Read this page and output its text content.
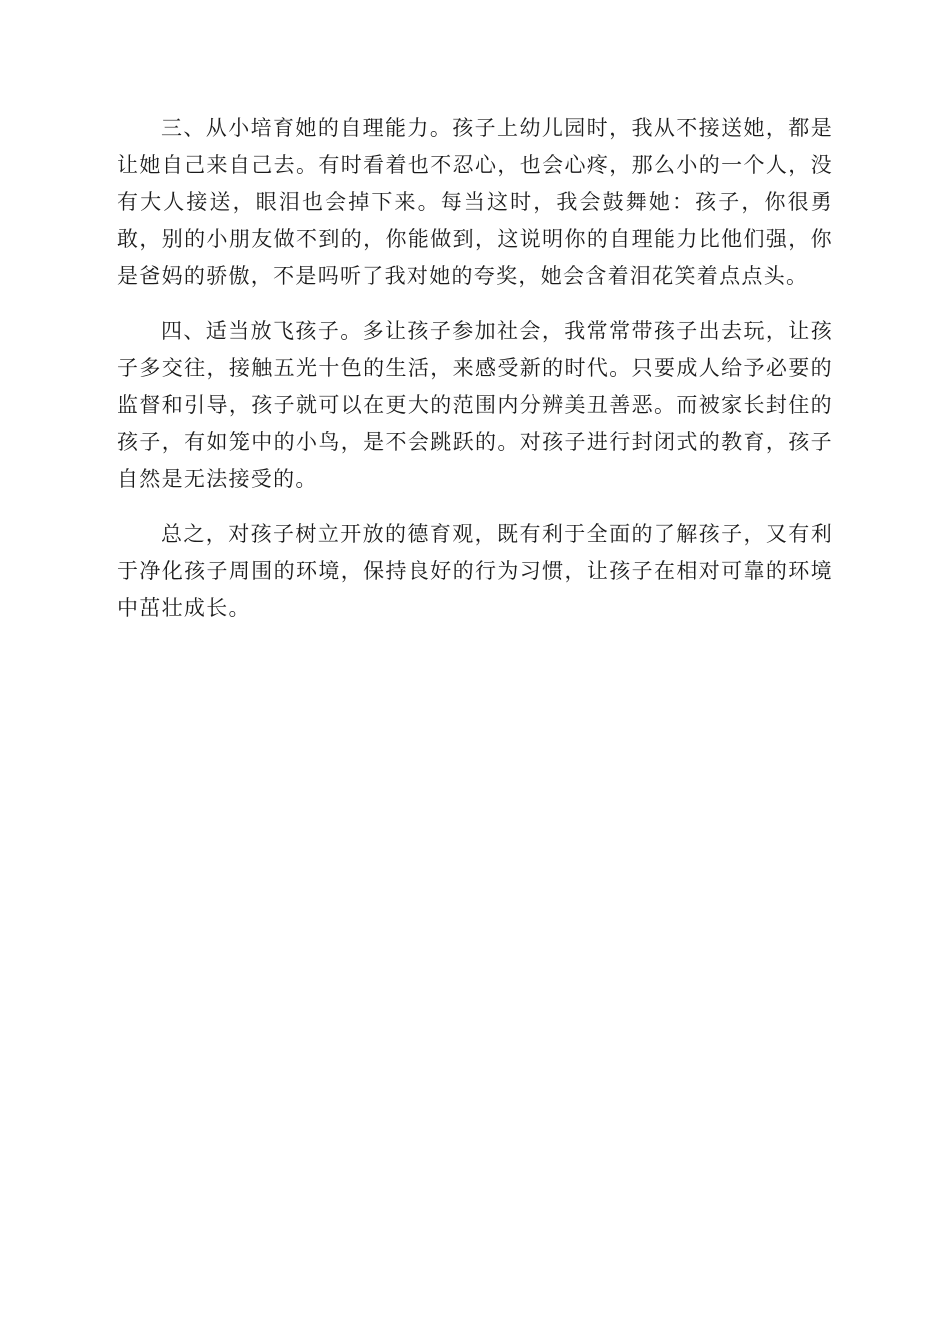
三、从小培育她的自理能力。孩子上幼儿园时，我从不接送她，都是让她自己来自己去。有时看着也不忍心，也会心疼，那么小的一个人，没有大人接送，眼泪也会掉下来。每当这时，我会鼓舞她：孩子，你很勇敢，别的小朋友做不到的，你能做到，这说明你的自理能力比他们强，你是爸妈的骄傲，不是吗听了我对她的夸奖，她会含着泪花笑着点点头。

四、适当放飞孩子。多让孩子参加社会，我常常带孩子出去玩，让孩子多交往，接触五光十色的生活，来感受新的时代。只要成人给予必要的监督和引导，孩子就可以在更大的范围内分辨美丑善恶。而被家长封住的孩子，有如笼中的小鸟，是不会跳跃的。对孩子进行封闭式的教育，孩子自然是无法接受的。

总之，对孩子树立开放的德育观，既有利于全面的了解孩子，又有利于净化孩子周围的环境，保持良好的行为习惯，让孩子在相对可靠的环境中茁壮成长。
